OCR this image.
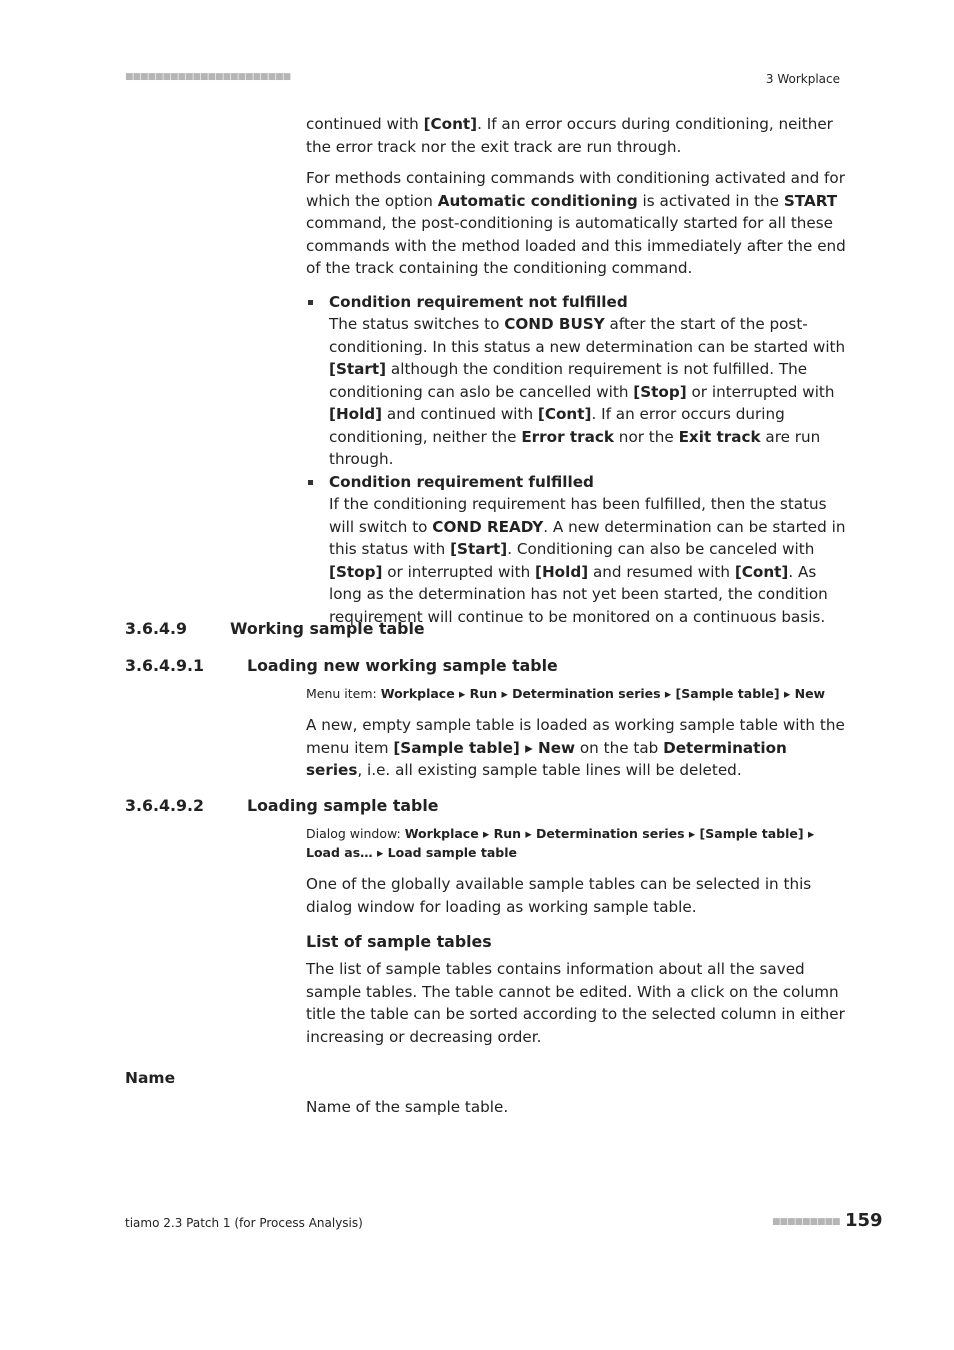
■■■■■■■■■■■■■■■■■■■■■■	3 Workplace

continued with [Cont]. If an error occurs during conditioning, neither the error track nor the exit track are run through.

For methods containing commands with conditioning activated and for which the option Automatic conditioning is activated in the START command, the post-conditioning is automatically started for all these commands with the method loaded and this immediately after the end of the track containing the conditioning command.

Condition requirement not fulfilled
The status switches to COND BUSY after the start of the post-conditioning. In this status a new determination can be started with [Start] although the condition requirement is not fulfilled. The conditioning can aslo be cancelled with [Stop] or interrupted with [Hold] and continued with [Cont]. If an error occurs during conditioning, neither the Error track nor the Exit track are run through.
Condition requirement fulfilled
If the conditioning requirement has been fulfilled, then the status will switch to COND READY. A new determination can be started in this status with [Start]. Conditioning can also be canceled with [Stop] or interrupted with [Hold] and resumed with [Cont]. As long as the determination has not yet been started, the condition requirement will continue to be monitored on a continuous basis.
3.6.4.9	Working sample table
3.6.4.9.1	Loading new working sample table
Menu item: Workplace ▸ Run ▸ Determination series ▸ [Sample table] ▸ New

A new, empty sample table is loaded as working sample table with the menu item [Sample table] ▸ New on the tab Determination series, i.e. all existing sample table lines will be deleted.

3.6.4.9.2	Loading sample table
Dialog window: Workplace ▸ Run ▸ Determination series ▸ [Sample table] ▸ Load as… ▸ Load sample table

One of the globally available sample tables can be selected in this dialog window for loading as working sample table.

List of sample tables

The list of sample tables contains information about all the saved sample tables. The table cannot be edited. With a click on the column title the table can be sorted according to the selected column in either increasing or decreasing order.

Name
Name of the sample table.
tiamo 2.3 Patch 1 (for Process Analysis)	■■■■■■■■■ 159
